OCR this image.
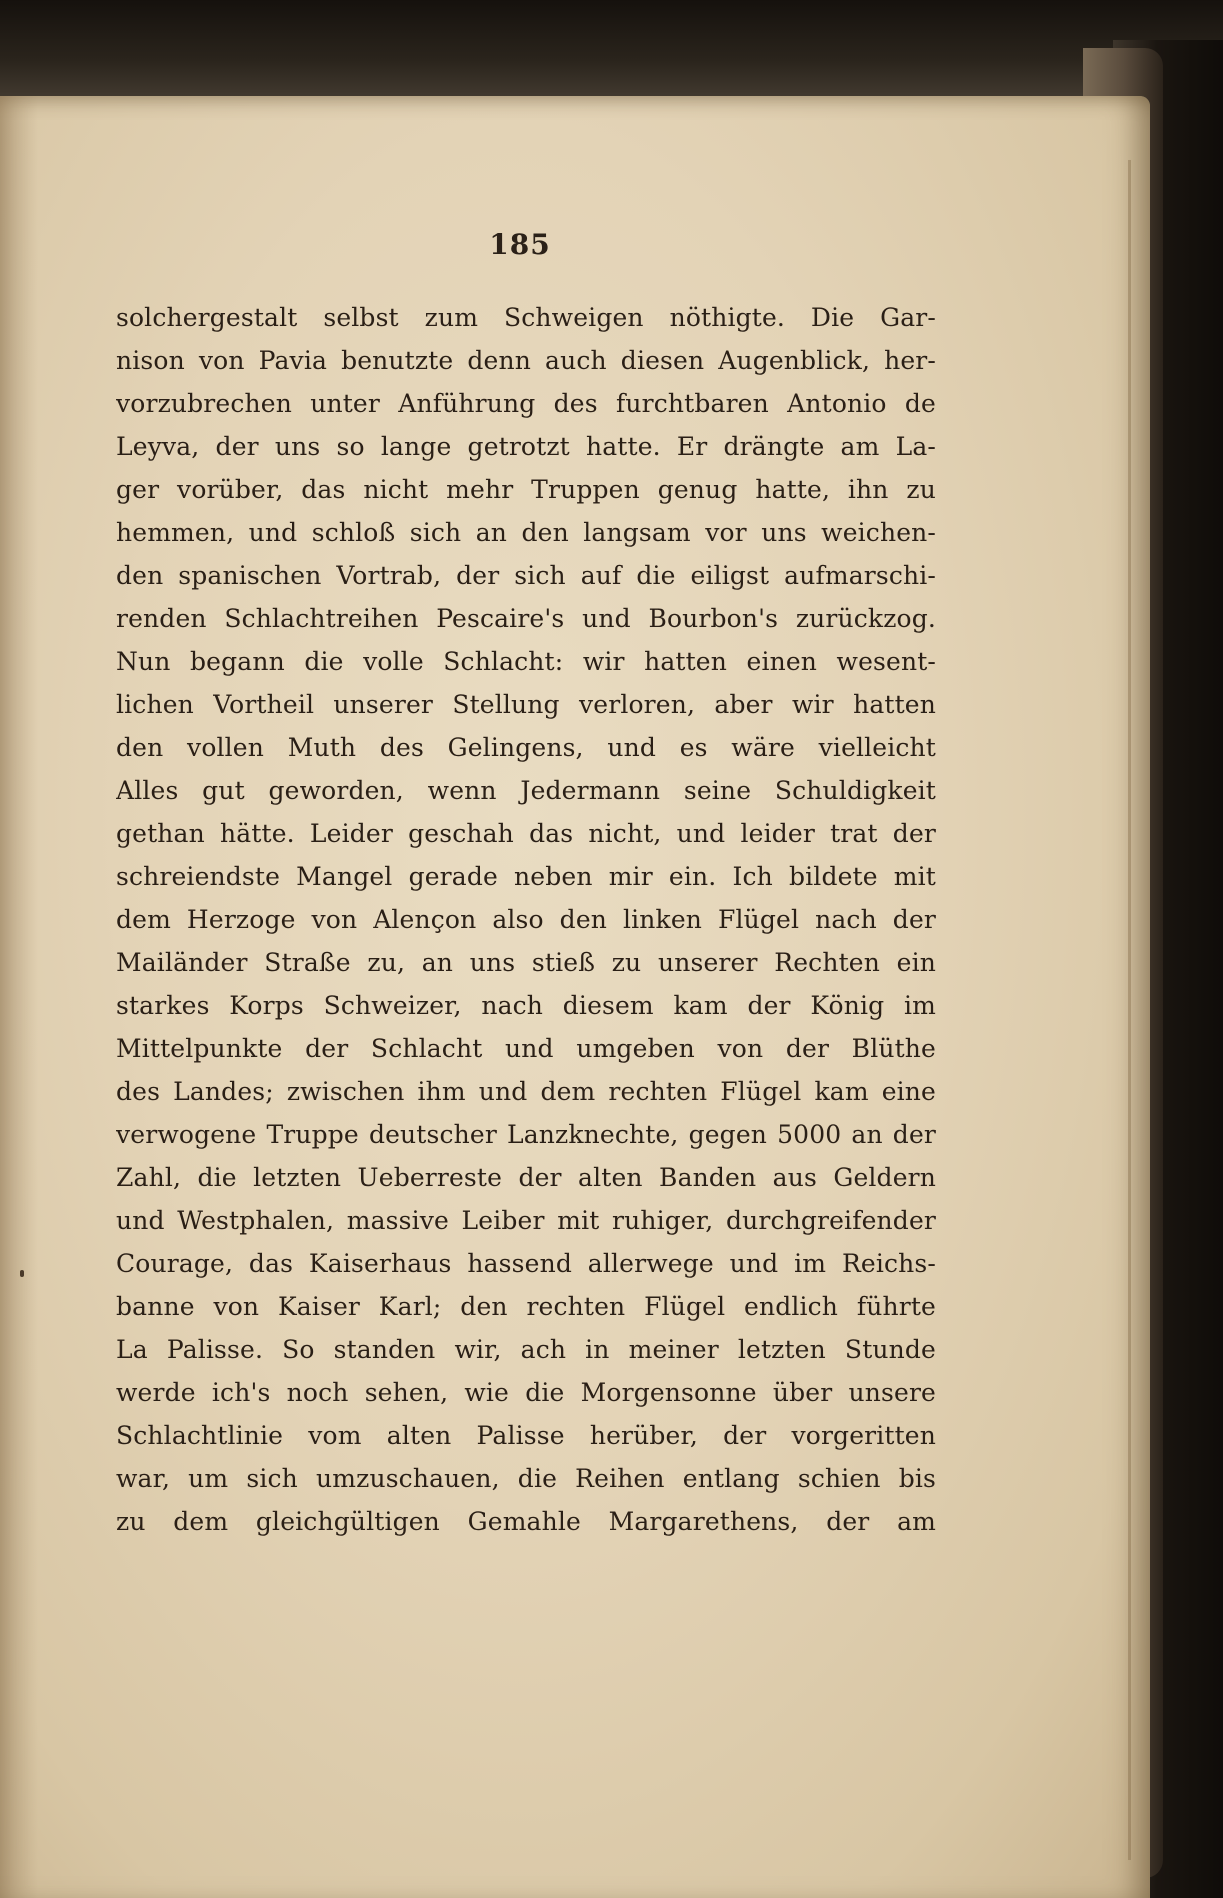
185
solchergestalt selbst zum Schweigen nöthigte. Die Gar-
nison von Pavia benutzte denn auch diesen Augenblick, her-
vorzubrechen unter Anführung des furchtbaren Antonio de
Leyva, der uns so lange getrotzt hatte. Er drängte am La-
ger vorüber, das nicht mehr Truppen genug hatte, ihn zu
hemmen, und schloß sich an den langsam vor uns weichen-
den spanischen Vortrab, der sich auf die eiligst aufmarschi-
renden Schlachtreihen Pescaire's und Bourbon's zurückzog.
Nun begann die volle Schlacht: wir hatten einen wesent-
lichen Vortheil unserer Stellung verloren, aber wir hatten
den vollen Muth des Gelingens, und es wäre vielleicht
Alles gut geworden, wenn Jedermann seine Schuldigkeit
gethan hätte. Leider geschah das nicht, und leider trat der
schreiendste Mangel gerade neben mir ein. Ich bildete mit
dem Herzoge von Alençon also den linken Flügel nach der
Mailänder Straße zu, an uns stieß zu unserer Rechten ein
starkes Korps Schweizer, nach diesem kam der König im
Mittelpunkte der Schlacht und umgeben von der Blüthe
des Landes; zwischen ihm und dem rechten Flügel kam eine
verwogene Truppe deutscher Lanzknechte, gegen 5000 an der
Zahl, die letzten Ueberreste der alten Banden aus Geldern
und Westphalen, massive Leiber mit ruhiger, durchgreifender
Courage, das Kaiserhaus hassend allerwege und im Reichs-
banne von Kaiser Karl; den rechten Flügel endlich führte
La Palisse. So standen wir, ach in meiner letzten Stunde
werde ich's noch sehen, wie die Morgensonne über unsere
Schlachtlinie vom alten Palisse herüber, der vorgeritten
war, um sich umzuschauen, die Reihen entlang schien bis
zu dem gleichgültigen Gemahle Margarethens, der am
